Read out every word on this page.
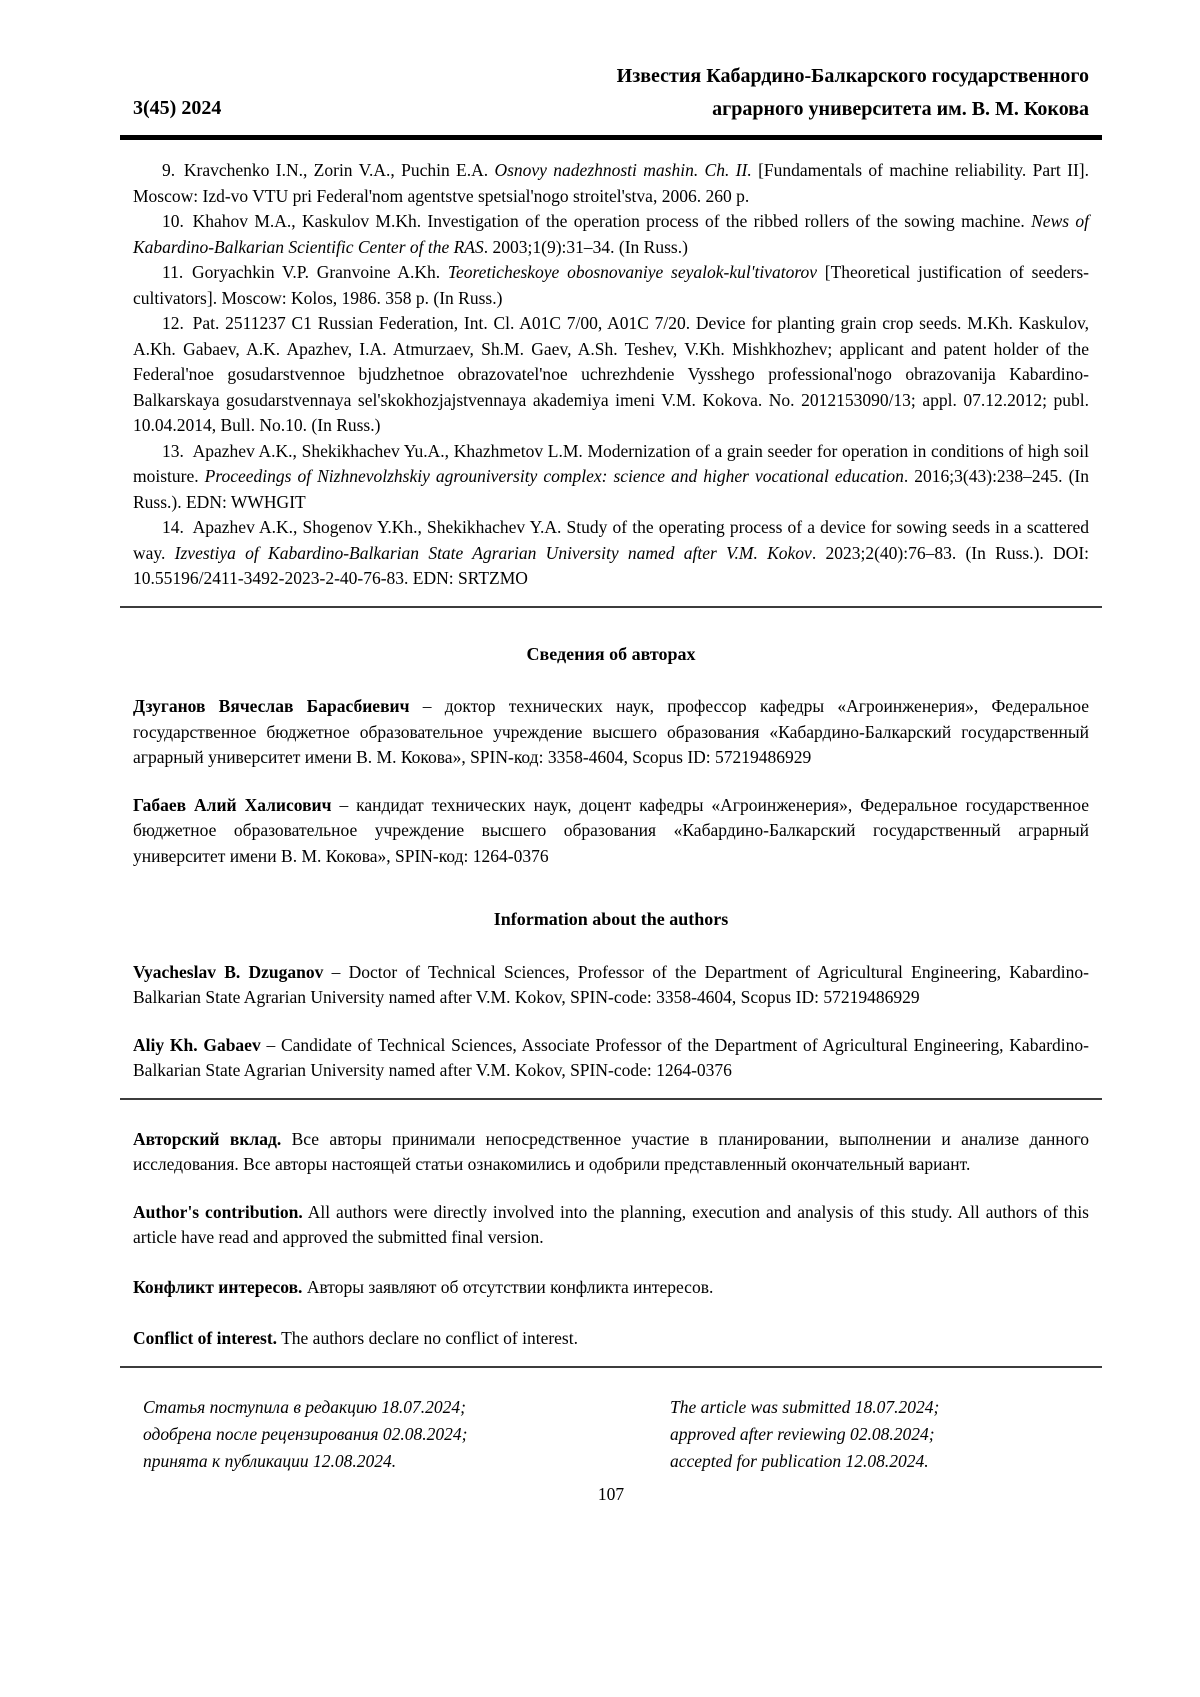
3(45) 2024
Известия Кабардино-Балкарского государственного
аграрного университета им. В. М. Кокова

9. Kravchenko I.N., Zorin V.A., Puchin E.A. Osnovy nadezhnosti mashin. Ch. II. [Fundamentals of machine reliability. Part II]. Moscow: Izd-vo VTU pri Federal'nom agentstve spetsial'nogo stroitel'stva, 2006. 260 p.

10. Khahov M.A., Kaskulov M.Kh. Investigation of the operation process of the ribbed rollers of the sowing machine. News of Kabardino-Balkarian Scientific Center of the RAS. 2003;1(9):31–34. (In Russ.)

11. Goryachkin V.P. Granvoine A.Kh. Teoreticheskoye obosnovaniye seyalok-kul'tivatorov [Theoretical justification of seeders-cultivators]. Moscow: Kolos, 1986. 358 p. (In Russ.)

12. Pat. 2511237 C1 Russian Federation, Int. Cl. A01C 7/00, A01C 7/20. Device for planting grain crop seeds. M.Kh. Kaskulov, A.Kh. Gabaev, A.K. Apazhev, I.A. Atmurzaev, Sh.M. Gaev, A.Sh. Teshev, V.Kh. Mishkhozhev; applicant and patent holder of the Federal'noe gosudarstvennoe bjudzhetnoe obrazovatel'noe uchrezhdenie Vysshego professional'nogo obrazovanija Kabardino-Balkarskaya gosudarstvennaya sel'skokhozjajstvennaya akademiya imeni V.M. Kokova. No. 2012153090/13; appl. 07.12.2012; publ. 10.04.2014, Bull. No.10. (In Russ.)

13. Apazhev A.K., Shekikhachev Yu.A., Khazhmetov L.M. Modernization of a grain seeder for operation in conditions of high soil moisture. Proceedings of Nizhnevolzhskiy agrouniversity complex: science and higher vocational education. 2016;3(43):238–245. (In Russ.). EDN: WWHGIT

14. Apazhev A.K., Shogenov Y.Kh., Shekikhachev Y.A. Study of the operating process of a device for sowing seeds in a scattered way. Izvestiya of Kabardino-Balkarian State Agrarian University named after V.M. Kokov. 2023;2(40):76–83. (In Russ.). DOI: 10.55196/2411-3492-2023-2-40-76-83. EDN: SRTZMO

Сведения об авторах

Дзуганов Вячеслав Барасбиевич – доктор технических наук, профессор кафедры «Агроинженерия», Федеральное государственное бюджетное образовательное учреждение высшего образования «Кабардино-Балкарский государственный аграрный университет имени В. М. Кокова», SPIN-код: 3358-4604, Scopus ID: 57219486929

Габаев Алий Халисович – кандидат технических наук, доцент кафедры «Агроинженерия», Федеральное государственное бюджетное образовательное учреждение высшего образования «Кабардино-Балкарский государственный аграрный университет имени В. М. Кокова», SPIN-код: 1264-0376

Information about the authors

Vyacheslav B. Dzuganov – Doctor of Technical Sciences, Professor of the Department of Agricultural Engineering, Kabardino-Balkarian State Agrarian University named after V.M. Kokov, SPIN-code: 3358-4604, Scopus ID: 57219486929

Aliy Kh. Gabaev – Candidate of Technical Sciences, Associate Professor of the Department of Agricultural Engineering, Kabardino-Balkarian State Agrarian University named after V.M. Kokov, SPIN-code: 1264-0376

Авторский вклад. Все авторы принимали непосредственное участие в планировании, выполнении и анализе данного исследования. Все авторы настоящей статьи ознакомились и одобрили представленный окончательный вариант.

Author's contribution. All authors were directly involved into the planning, execution and analysis of this study. All authors of this article have read and approved the submitted final version.

Конфликт интересов. Авторы заявляют об отсутствии конфликта интересов.

Conflict of interest. The authors declare no conflict of interest.

Статья поступила в редакцию 18.07.2024;
одобрена после рецензирования 02.08.2024;
принята к публикации 12.08.2024.
The article was submitted 18.07.2024;
approved after reviewing 02.08.2024;
accepted for publication 12.08.2024.
107
